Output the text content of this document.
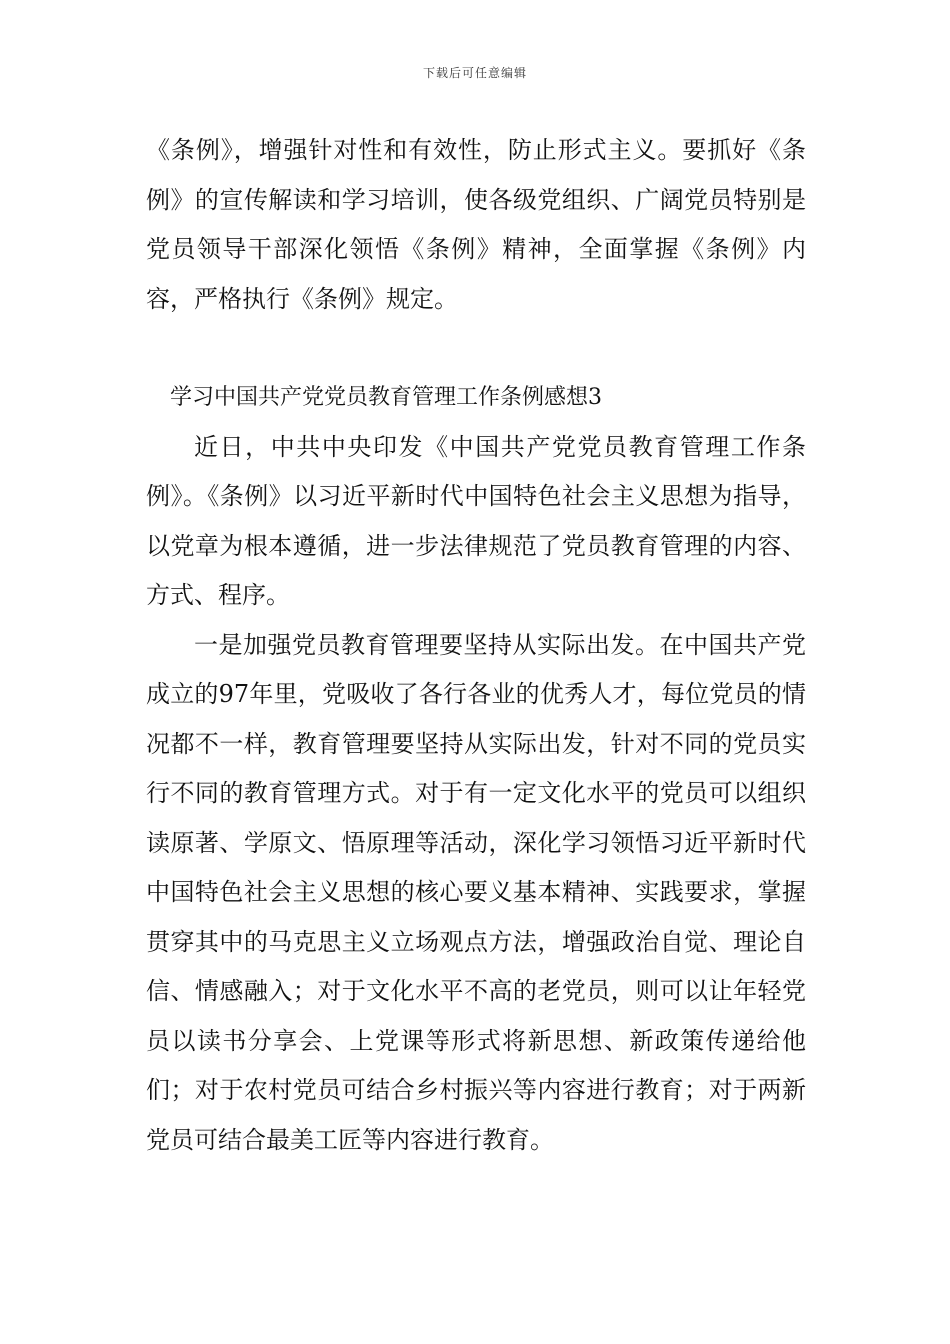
下载后可任意编辑

《条例》，增强针对性和有效性，防止形式主义。要抓好《条例》的宣传解读和学习培训，使各级党组织、广阔党员特别是党员领导干部深化领悟《条例》精神，全面掌握《条例》内容，严格执行《条例》规定。

学习中国共产党党员教育管理工作条例感想3

近日，中共中央印发《中国共产党党员教育管理工作条例》。《条例》以习近平新时代中国特色社会主义思想为指导，以党章为根本遵循，进一步法律规范了党员教育管理的内容、方式、程序。

一是加强党员教育管理要坚持从实际出发。在中国共产党成立的97年里，党吸收了各行各业的优秀人才，每位党员的情况都不一样，教育管理要坚持从实际出发，针对不同的党员实行不同的教育管理方式。对于有一定文化水平的党员可以组织读原著、学原文、悟原理等活动，深化学习领悟习近平新时代中国特色社会主义思想的核心要义基本精神、实践要求，掌握贯穿其中的马克思主义立场观点方法，增强政治自觉、理论自信、情感融入；对于文化水平不高的老党员，则可以让年轻党员以读书分享会、上党课等形式将新思想、新政策传递给他们；对于农村党员可结合乡村振兴等内容进行教育；对于两新党员可结合最美工匠等内容进行教育。
